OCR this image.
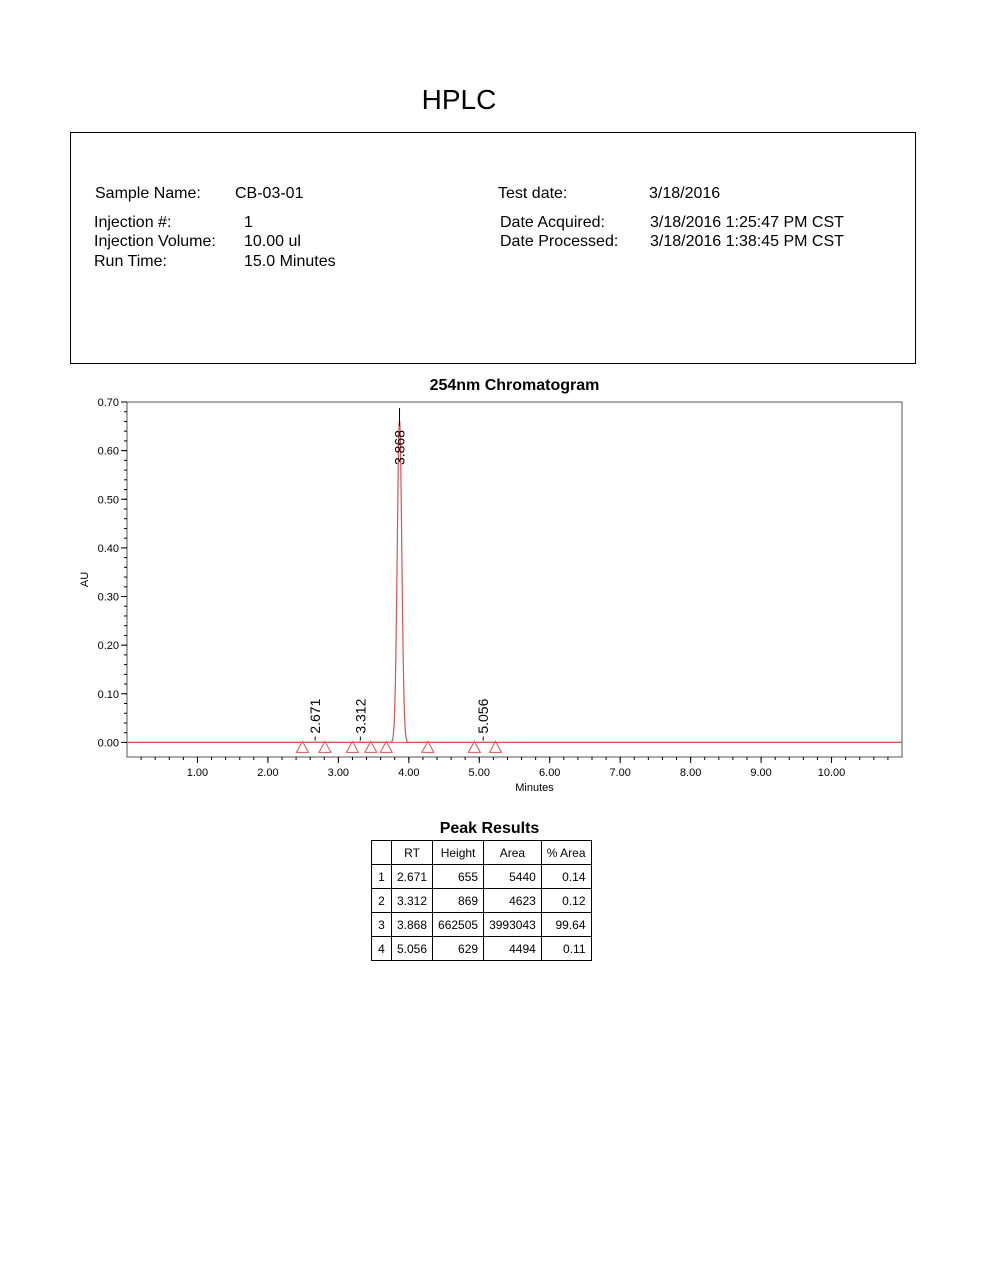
HPLC
Sample Name: CB-03-01
Injection #:	1
Injection Volume: 10.00 ul
Run Time:	15.0 Minutes
Test date:	3/18/2016
Date Acquired:	3/18/2016 1:25:47 PM CST
Date Processed: 3/18/2016 1:38:45 PM CST
254nm Chromatogram
0.00
0.10
0.20
0.30
0.40
0.50
0.60
0.70
1.00	2.00	3.00	4.00	5.00	6.00	7.00	8.00	9.00	10.00
Minutes
AU
2.671 3.312
3.868
5.056
Peak Results
	RT	Height	Area	% Area
1	2.671	655	5440	0.14
2	3.312	869	4623	0.12
3	3.868	662505	3993043	99.64
4	5.056	629	4494	0.11
